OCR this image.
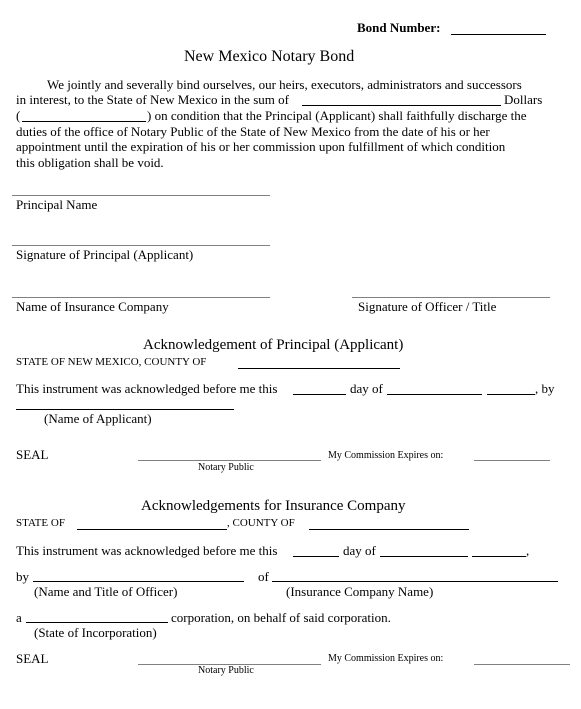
Bond Number:
New Mexico Notary Bond
We jointly and severally bind ourselves, our heirs, executors, administrators and successors
in interest, to the State of New Mexico in the sum of	Dollars
(	) on condition that the Principal (Applicant) shall faithfully discharge the
duties of the office of Notary Public of the State of New Mexico from the date of his or her
appointment until the expiration of his or her commission upon fulfillment of which condition
this obligation shall be void.
Principal Name
Signature of Principal (Applicant)
Name of Insurance Company	Signature of Officer / Title
Acknowledgement of Principal (Applicant)
STATE OF NEW MEXICO, COUNTY OF
This instrument was acknowledged before me this	day of	, by
(Name of Applicant)
SEAL
Notary Public
My Commission Expires on:
Acknowledgements for Insurance Company
STATE OF	, COUNTY OF
This instrument was acknowledged before me this	day of	,
by	of
(Name and Title of Officer)	(Insurance Company Name)
a	corporation, on behalf of said corporation.
(State of Incorporation)
SEAL
Notary Public
My Commission Expires on:
